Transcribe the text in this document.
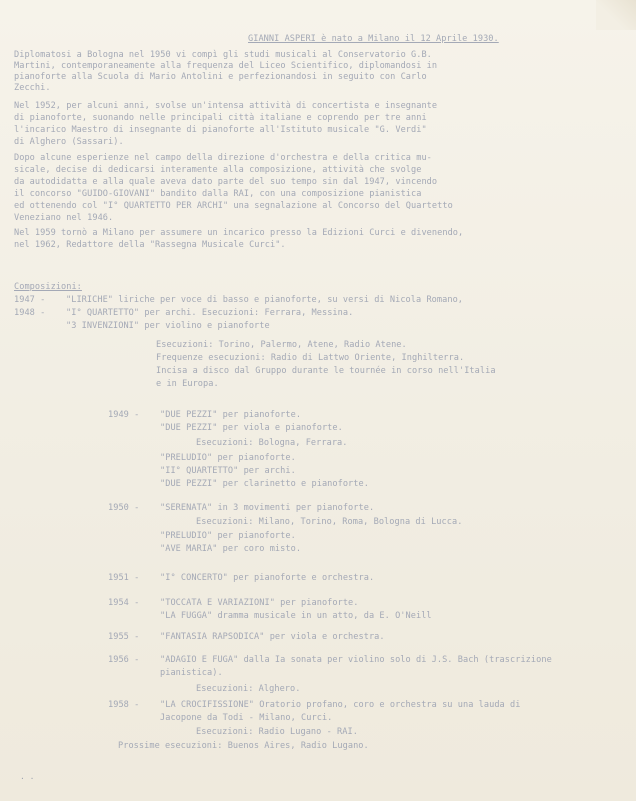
GIANNI ASPERI è nato a Milano il 12 Aprile 1930.
Diplomatosi a Bologna nel 1950 vi compì gli studi musicali al Conservatorio G.B.
Martini, contemporaneamente alla frequenza del Liceo Scientifico, diplomandosi in
pianoforte alla Scuola di Mario Antolini e perfezionandosi in seguito con Carlo
Zecchi.
Nel 1952, per alcuni anni, svolse un'intensa attività di concertista e insegnante
di pianoforte, suonando nelle principali città italiane e coprendo per tre anni
l'incarico Maestro di insegnante di pianoforte all'Istituto musicale "G. Verdi"
di Alghero (Sassari).
Dopo alcune esperienze nel campo della direzione d'orchestra e della critica mu-
sicale, decise di dedicarsi interamente alla composizione, attività che svolge
da autodidatta e alla quale aveva dato parte del suo tempo sin dal 1947, vincendo
il concorso "GUIDO-GIOVANI" bandito dalla RAI, con una composizione pianistica
ed ottenendo col "I° QUARTETTO PER ARCHI" una segnalazione al Concorso del Quartetto
Veneziano nel 1946.
Nel 1959 tornò a Milano per assumere un incarico presso la Edizioni Curci e divenendo,
nel 1962, Redattore della "Rassegna Musicale Curci".
Composizioni:
1947 - "LIRICHE" liriche per voce di basso e pianoforte, su versi di Nicola Romano,
1948 - "I° QUARTETTO" per archi. Esecuzioni: Ferrara, Messina.
"3 INVENZIONI" per violino e pianoforte
Esecuzioni: Torino, Palermo, Atene, Radio Atene.
Frequenze esecuzioni: Radio di Lattwo Oriente, Inghilterra.
Incisa a disco dal Gruppo durante le tournée in corso nell'Italia
e in Europa.
1949 - "DUE PEZZI" per pianoforte.
"DUE PEZZI" per viola e pianoforte.
Esecuzioni: Bologna, Ferrara.
"PRELUDIO" per pianoforte.
"II° QUARTETTO" per archi.
"DUE PEZZI" per clarinetto e pianoforte.
1950 - "SERENATA" in 3 movimenti per pianoforte.
Esecuzioni: Milano, Torino, Roma, Bologna di Lucca.
"PRELUDIO" per pianoforte.
"AVE MARIA" per coro misto.
1951 - "I° CONCERTO" per pianoforte e orchestra.
1954 - "TOCCATA E VARIAZIONI" per pianoforte.
"LA FUGGA" dramma musicale in un atto, da E. O'Neill
1955 - "FANTASIA RAPSODICA" per viola e orchestra.
1956 - "ADAGIO E FUGA" dalla Ia sonata per violino solo di J.S. Bach (trascrizione
pianistica).
Esecuzioni: Alghero.
1958 - "LA CROCIFISSIONE" Oratorio profano, coro e orchestra su una lauda di
Jacopone da Todi - Milano, Curci.
Esecuzioni: Radio Lugano - RAI.
Prossime esecuzioni: Buenos Aires, Radio Lugano.
. .
